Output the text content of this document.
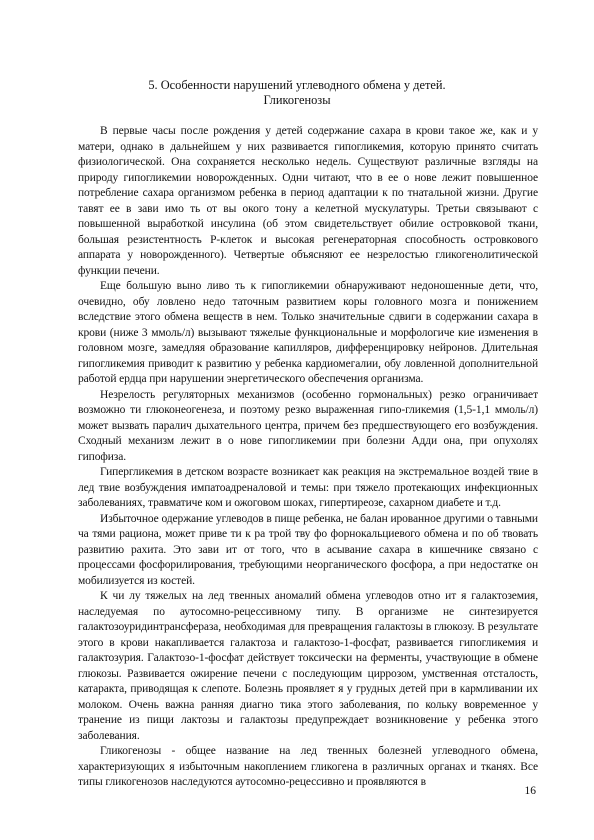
5. Особенности нарушений углеводного обмена у детей.
Гликогенозы

В первые часы после рождения у детей содержание сахара в крови такое же, как и у матери, однако в дальнейшем у них развивается гипогликемия, которую принято считать физиологической. Она сохраняется несколько недель. Существуют различные взгляды на природу гипогликемии новорожденных. Одни читают, что в ее о нове лежит повышенное потребление сахара организмом ребенка в период адаптации к по тнатальной жизни. Другие тавят ее в зави имо ть от вы окого тону а келетной мускулатуры. Третьи связывают с повышенной выработкой инсулина (об этом свидетельствует обилие островковой ткани, большая резистентность Р-клеток и высокая регенераторная способность островкового аппарата у новорожденного). Четвертые объясняют ее незрелостью гликогенолитической функции печени.

Еще большую выно ливо ть к гипогликемии обнаруживают недоношенные дети, что, очевидно, обу ловлено недо таточным развитием коры головного мозга и понижением вследствие этого обмена веществ в нем. Только значительные сдвиги в содержании сахара в крови (ниже 3 ммоль/л) вызывают тяжелые функциональные и морфологиче кие изменения в головном мозге, замедляя образование капилляров, дифференцировку нейронов. Длительная гипогликемия приводит к развитию у ребенка кардиомегалии, обу ловленной дополнительной работой ердца при нарушении энергетического обеспечения организма.

Незрелость регуляторных механизмов (особенно гормональных) резко ограничивает возможно ти глюконеогенеза, и поэтому резко выраженная гипо-гликемия (1,5-1,1 ммоль/л) может вызвать паралич дыхательного центра, причем без предшествующего его возбуждения. Сходный механизм лежит в о нове гипогликемии при болезни Адди она, при опухолях гипофиза.

Гипергликемия в детском возрасте возникает как реакция на экстремальное воздей твие в лед твие возбуждения импатоадреналовой и темы: при тяжело протекающих инфекционных заболеваниях, травматиче ком и ожоговом шоках, гипертиреозе, сахарном диабете и т.д.

Избыточное одержание углеводов в пище ребенка, не балан ированное другими о тавными ча тями рациона, может приве ти к ра трой тву фо форнокальциевого обмена и по об твовать развитию рахита. Это зави ит от того, что в асывание сахара в кишечнике связано с процессами фосфорилирования, требующими неорганического фосфора, а при недостатке он мобилизуется из костей.

К чи лу тяжелых на лед твенных аномалий обмена углеводов отно ит я галактоземия, наследуемая по аутосомно-рецессивному типу. В организме не синтезируется галактозоуридинтрансфераза, необходимая для превращения галактозы в глюкозу. В результате этого в крови накапливается галактоза и галактозо-1-фосфат, развивается гипогликемия и галактозурия. Галактозо-1-фосфат действует токсически на ферменты, участвующие в обмене глюкозы. Развивается ожирение печени с последующим циррозом, умственная отсталость, катаракта, приводящая к слепоте. Болезнь проявляет я у грудных детей при в кармливании их молоком. Очень важна ранняя диагно тика этого заболевания, по кольку вовременное у транение из пищи лактозы и галактозы предупреждает возникновение у ребенка этого заболевания.

Гликогенозы - общее название на лед твенных болезней углеводного обмена, характеризующих я избыточным накоплением гликогена в различных органах и тканях. Все типы гликогенозов наследуются аутосомно-рецессивно и проявляются в

16
